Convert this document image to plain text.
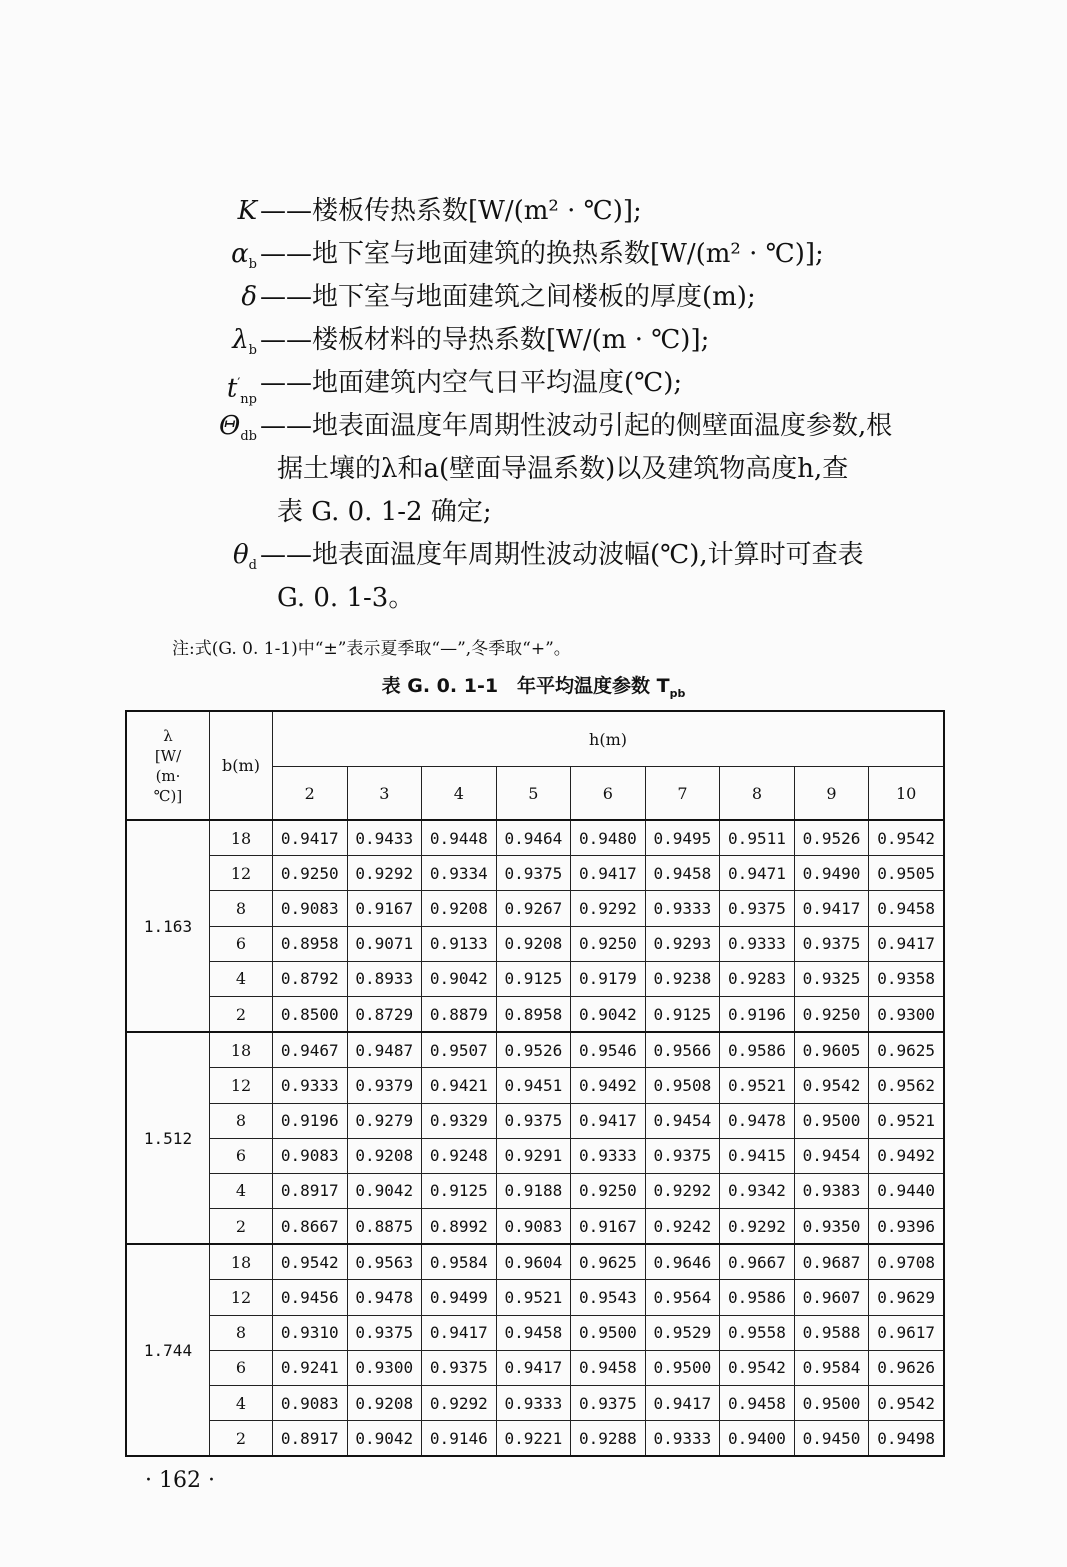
K ——楼板传热系数[W/(m² · ℃)];
$\alpha_b$ ——地下室与地面建筑的换热系数[W/(m² · ℃)];
δ ——地下室与地面建筑之间楼板的厚度(m);
$\lambda_b$ ——楼板材料的导热系数[W/(m · ℃)];
$t'_{np}$
——地面建筑内空气日平均温度(℃);
$\Theta_{db}$ ——地表面温度年周期性波动引起的侧壁面温度参数,根
据土壤的λ和a(壁面导温系数)以及建筑物高度h,查
表 G. 0. 1-2 确定;
$\theta_d$ ——地表面温度年周期性波动波幅(℃),计算时可查表
G. 0. 1-3。
注:式(G. 0. 1-1)中“±”表示夏季取“—”,冬季取“+”。
表 G. 0. 1-1　年平均温度参数 $T_{pb}$
λ
[W/
(m·
℃)]	b(m)	h(m)								
		2	3	4	5	6	7	8	9	10
1.163	18	0.9417	0.9433	0.9448	0.9464	0.9480	0.9495	0.9511	0.9526	0.9542
	12	0.9250	0.9292	0.9334	0.9375	0.9417	0.9458	0.9471	0.9490	0.9505
	8	0.9083	0.9167	0.9208	0.9267	0.9292	0.9333	0.9375	0.9417	0.9458
	6	0.8958	0.9071	0.9133	0.9208	0.9250	0.9293	0.9333	0.9375	0.9417
	4	0.8792	0.8933	0.9042	0.9125	0.9179	0.9238	0.9283	0.9325	0.9358
	2	0.8500	0.8729	0.8879	0.8958	0.9042	0.9125	0.9196	0.9250	0.9300
1.512	18	0.9467	0.9487	0.9507	0.9526	0.9546	0.9566	0.9586	0.9605	0.9625
	12	0.9333	0.9379	0.9421	0.9451	0.9492	0.9508	0.9521	0.9542	0.9562
	8	0.9196	0.9279	0.9329	0.9375	0.9417	0.9454	0.9478	0.9500	0.9521
	6	0.9083	0.9208	0.9248	0.9291	0.9333	0.9375	0.9415	0.9454	0.9492
	4	0.8917	0.9042	0.9125	0.9188	0.9250	0.9292	0.9342	0.9383	0.9440
	2	0.8667	0.8875	0.8992	0.9083	0.9167	0.9242	0.9292	0.9350	0.9396
1.744	18	0.9542	0.9563	0.9584	0.9604	0.9625	0.9646	0.9667	0.9687	0.9708
	12	0.9456	0.9478	0.9499	0.9521	0.9543	0.9564	0.9586	0.9607	0.9629
	8	0.9310	0.9375	0.9417	0.9458	0.9500	0.9529	0.9558	0.9588	0.9617
	6	0.9241	0.9300	0.9375	0.9417	0.9458	0.9500	0.9542	0.9584	0.9626
	4	0.9083	0.9208	0.9292	0.9333	0.9375	0.9417	0.9458	0.9500	0.9542
	2	0.8917	0.9042	0.9146	0.9221	0.9288	0.9333	0.9400	0.9450	0.9498
· 162 ·
